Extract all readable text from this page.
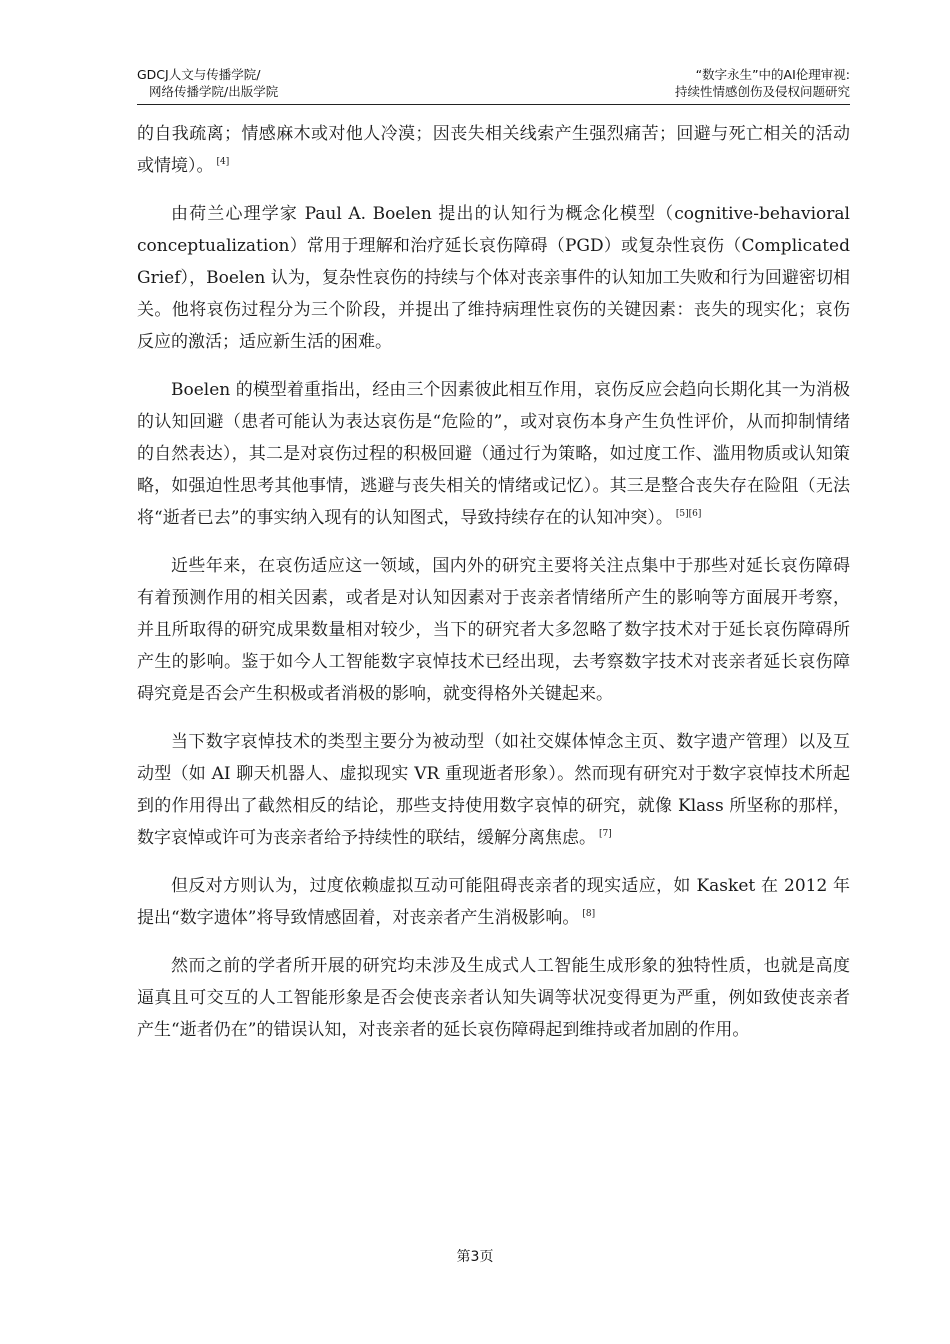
GDCJ人文与传播学院/
网络传播学院/出版学院
“数字永生”中的AI伦理审视:
持续性情感创伤及侵权问题研究

的自我疏离；情感麻木或对他人冷漠；因丧失相关线索产生强烈痛苦；回避与死亡相关的活动或情境）。 [4]

由荷兰心理学家 Paul A. Boelen 提出的认知行为概念化模型（cognitive-behavioral conceptualization）常用于理解和治疗延长哀伤障碍（PGD）或复杂性哀伤（Complicated Grief），Boelen 认为，复杂性哀伤的持续与个体对丧亲事件的认知加工失败和行为回避密切相关。他将哀伤过程分为三个阶段，并提出了维持病理性哀伤的关键因素：丧失的现实化；哀伤反应的激活；适应新生活的困难。

Boelen 的模型着重指出，经由三个因素彼此相互作用，哀伤反应会趋向长期化其一为消极的认知回避（患者可能认为表达哀伤是“危险的”，或对哀伤本身产生负性评价，从而抑制情绪的自然表达），其二是对哀伤过程的积极回避（通过行为策略，如过度工作、滥用物质或认知策略，如强迫性思考其他事情，逃避与丧失相关的情绪或记忆）。其三是整合丧失存在险阻（无法将“逝者已去”的事实纳入现有的认知图式，导致持续存在的认知冲突）。 [5][6]

近些年来，在哀伤适应这一领域，国内外的研究主要将关注点集中于那些对延长哀伤障碍有着预测作用的相关因素，或者是对认知因素对于丧亲者情绪所产生的影响等方面展开考察，并且所取得的研究成果数量相对较少，当下的研究者大多忽略了数字技术对于延长哀伤障碍所产生的影响。鉴于如今人工智能数字哀悼技术已经出现，去考察数字技术对丧亲者延长哀伤障碍究竟是否会产生积极或者消极的影响，就变得格外关键起来。

当下数字哀悼技术的类型主要分为被动型（如社交媒体悼念主页、数字遗产管理）以及互动型（如 AI 聊天机器人、虚拟现实 VR 重现逝者形象）。然而现有研究对于数字哀悼技术所起到的作用得出了截然相反的结论，那些支持使用数字哀悼的研究，就像 Klass 所坚称的那样，数字哀悼或许可为丧亲者给予持续性的联结，缓解分离焦虑。 [7]

但反对方则认为，过度依赖虚拟互动可能阻碍丧亲者的现实适应，如 Kasket 在 2012 年提出“数字遗体”将导致情感固着，对丧亲者产生消极影响。 [8]

然而之前的学者所开展的研究均未涉及生成式人工智能生成形象的独特性质，也就是高度逼真且可交互的人工智能形象是否会使丧亲者认知失调等状况变得更为严重，例如致使丧亲者产生“逝者仍在”的错误认知，对丧亲者的延长哀伤障碍起到维持或者加剧的作用。

第3页
